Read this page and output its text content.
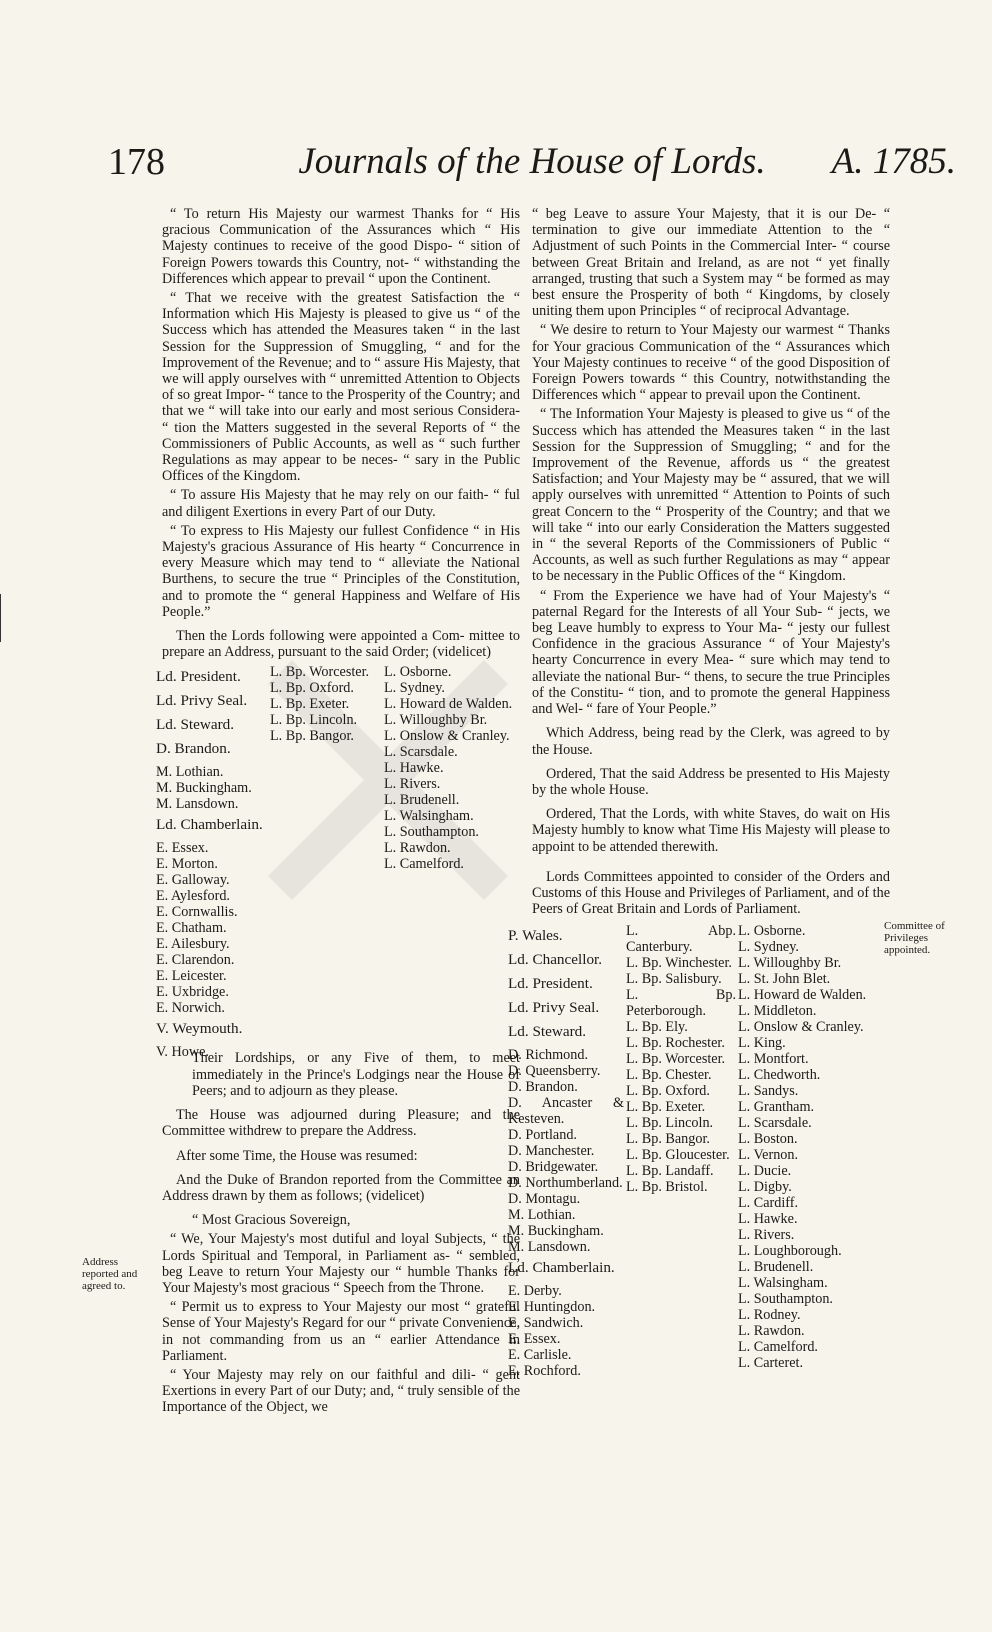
178	Journals of the House of Lords.	A. 1785.

“ To return His Majesty our warmest Thanks for “ His gracious Communication of the Assurances which “ His Majesty continues to receive of the good Dispo- “ sition of Foreign Powers towards this Country, not- “ withstanding the Differences which appear to prevail “ upon the Continent.

“ That we receive with the greatest Satisfaction the “ Information which His Majesty is pleased to give us “ of the Success which has attended the Measures taken “ in the last Session for the Suppression of Smuggling, “ and for the Improvement of the Revenue; and to “ assure His Majesty, that we will apply ourselves with “ unremitted Attention to Objects of so great Impor- “ tance to the Prosperity of the Country; and that we “ will take into our early and most serious Considera- “ tion the Matters suggested in the several Reports of “ the Commissioners of Public Accounts, as well as “ such further Regulations as may appear to be neces- “ sary in the Public Offices of the Kingdom.

“ To assure His Majesty that he may rely on our faith- “ ful and diligent Exertions in every Part of our Duty.

“ To express to His Majesty our fullest Confidence “ in His Majesty's gracious Assurance of His hearty “ Concurrence in every Measure which may tend to “ alleviate the National Burthens, to secure the true “ Principles of the Constitution, and to promote the “ general Happiness and Welfare of His People.”

Then the Lords following were appointed a Com- mittee to prepare an Address, pursuant to the said Order; (videlicet)

Ld. President.
Ld. Privy Seal.
Ld. Steward.
D. Brandon.
M. Lothian.
M. Buckingham.
M. Lansdown.
Ld. Chamberlain.
E. Essex.
E. Morton.
E. Galloway.
E. Aylesford.
E. Cornwallis.
E. Chatham.
E. Ailesbury.
E. Clarendon.
E. Leicester.
E. Uxbridge.
E. Norwich.
V. Weymouth.
V. Howe.
L. Bp. Worcester.
L. Bp. Oxford.
L. Bp. Exeter.
L. Bp. Lincoln.
L. Bp. Bangor.
L. Osborne.
L. Sydney.
L. Howard de Walden.
L. Willoughby Br.
L. Onslow & Cranley.
L. Scarsdale.
L. Hawke.
L. Rivers.
L. Brudenell.
L. Walsingham.
L. Southampton.
L. Rawdon.
L. Camelford.

Their Lordships, or any Five of them, to meet immediately in the Prince's Lodgings near the House of Peers; and to adjourn as they please.

The House was adjourned during Pleasure; and the Committee withdrew to prepare the Address.

After some Time, the House was resumed:

And the Duke of Brandon reported from the Committee an Address drawn by them as follows; (videlicet)

“ Most Gracious Sovereign,

“ We, Your Majesty's most dutiful and loyal Subjects, “ the Lords Spiritual and Temporal, in Parliament as- “ sembled, beg Leave to return Your Majesty our “ humble Thanks for Your Majesty's most gracious “ Speech from the Throne.

“ Permit us to express to Your Majesty our most “ grateful Sense of Your Majesty's Regard for our “ private Convenience, in not commanding from us an “ earlier Attendance in Parliament.

“ Your Majesty may rely on our faithful and dili- “ gent Exertions in every Part of our Duty; and, “ truly sensible of the Importance of the Object, we

“ beg Leave to assure Your Majesty, that it is our De- “ termination to give our immediate Attention to the “ Adjustment of such Points in the Commercial Inter- “ course between Great Britain and Ireland, as are not “ yet finally arranged, trusting that such a System may “ be formed as may best ensure the Prosperity of both “ Kingdoms, by closely uniting them upon Principles “ of reciprocal Advantage.

“ We desire to return to Your Majesty our warmest “ Thanks for Your gracious Communication of the “ Assurances which Your Majesty continues to receive “ of the good Disposition of Foreign Powers towards “ this Country, notwithstanding the Differences which “ appear to prevail upon the Continent.

“ The Information Your Majesty is pleased to give us “ of the Success which has attended the Measures taken “ in the last Session for the Suppression of Smuggling; “ and for the Improvement of the Revenue, affords us “ the greatest Satisfaction; and Your Majesty may be “ assured, that we will apply ourselves with unremitted “ Attention to Points of such great Concern to the “ Prosperity of the Country; and that we will take “ into our early Consideration the Matters suggested in “ the several Reports of the Commissioners of Public “ Accounts, as well as such further Regulations as may “ appear to be necessary in the Public Offices of the “ Kingdom.

“ From the Experience we have had of Your Majesty's “ paternal Regard for the Interests of all Your Sub- “ jects, we beg Leave humbly to express to Your Ma- “ jesty our fullest Confidence in the gracious Assurance “ of Your Majesty's hearty Concurrence in every Mea- “ sure which may tend to alleviate the national Bur- “ thens, to secure the true Principles of the Constitu- “ tion, and to promote the general Happiness and Wel- “ fare of Your People.”

Which Address, being read by the Clerk, was agreed to by the House.

Ordered, That the said Address be presented to His Majesty by the whole House.

Ordered, That the Lords, with white Staves, do wait on His Majesty humbly to know what Time His Majesty will please to appoint to be attended therewith.

Lords Committees appointed to consider of the Orders and Customs of this House and Privileges of Parliament, and of the Peers of Great Britain and Lords of Parliament.

P. Wales.
Ld. Chancellor.
Ld. President.
Ld. Privy Seal.
Ld. Steward.
D. Richmond.
D. Queensberry.
D. Brandon.
D. Ancaster & Kesteven.
D. Portland.
D. Manchester.
D. Bridgewater.
D. Northumberland.
D. Montagu.
M. Lothian.
M. Buckingham.
M. Lansdown.
Ld. Chamberlain.
E. Derby.
E. Huntingdon.
E. Sandwich.
E. Essex.
E. Carlisle.
E. Rochford.
L. Abp. Canterbury.
L. Bp. Winchester.
L. Bp. Salisbury.
L. Bp. Peterborough.
L. Bp. Ely.
L. Bp. Rochester.
L. Bp. Worcester.
L. Bp. Chester.
L. Bp. Oxford.
L. Bp. Exeter.
L. Bp. Lincoln.
L. Bp. Bangor.
L. Bp. Gloucester.
L. Bp. Landaff.
L. Bp. Bristol.
L. Osborne.
L. Sydney.
L. Willoughby Br.
L. St. John Blet.
L. Howard de Walden.
L. Middleton.
L. Onslow & Cranley.
L. King.
L. Montfort.
L. Chedworth.
L. Sandys.
L. Grantham.
L. Scarsdale.
L. Boston.
L. Vernon.
L. Ducie.
L. Digby.
L. Cardiff.
L. Hawke.
L. Rivers.
L. Loughborough.
L. Brudenell.
L. Walsingham.
L. Southampton.
L. Rodney.
L. Rawdon.
L. Camelford.
L. Carteret.
Address reported and agreed to.
Committee of Privileges appointed.
